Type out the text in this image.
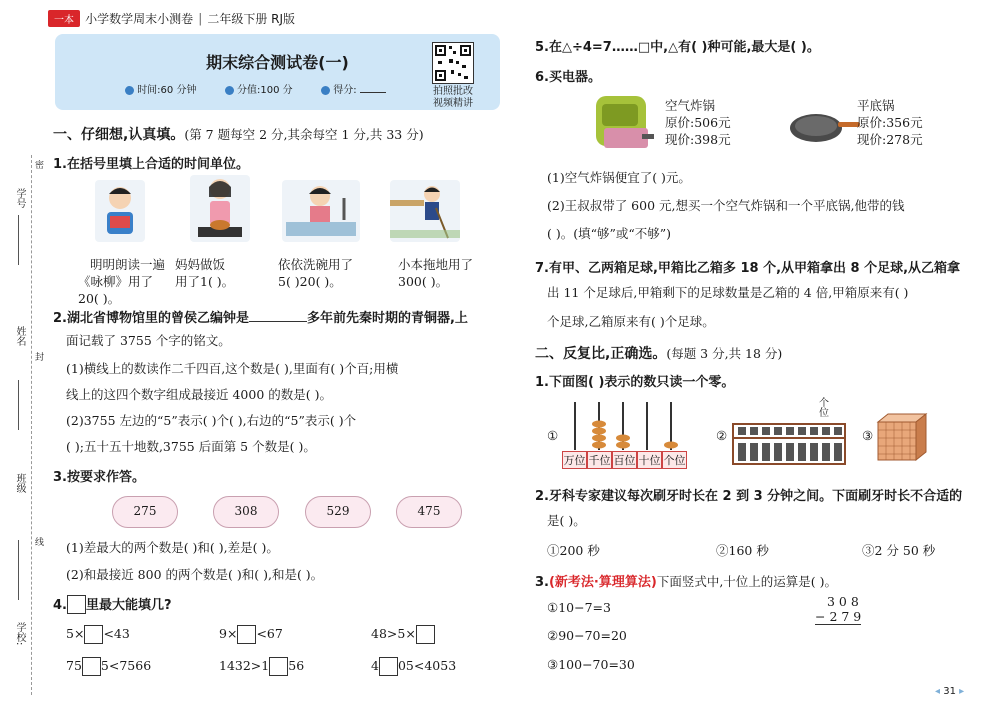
一本 小学数学周末小测卷 | 二年级下册 RJ版
期末综合测试卷(一)
时间:60 分钟	分值:100 分	得分:	拍照批改
视频精讲
密
学号
姓名
封
班级
线
学校:
一、仔细想,认真填。(第 7 题每空 2 分,其余每空 1 分,共 33 分)
1.在括号里填上合适的时间单位。
明明朗读一遍
《咏柳》用了
20( )。
妈妈做饭
用了1( )。
依依洗碗用了
5( )20( )。
小本拖地用了
300( )。
2.湖北省博物馆里的曾侯乙编钟是	多年前先秦时期的青铜器,上
面记载了 3755 个字的铭文。
(1)横线上的数读作二千四百,这个数是( ),里面有( )个百;用横
线上的这四个数字组成最接近 4000 的数是( )。
(2)3755 左边的“5”表示( )个( ),右边的“5”表示( )个
( );五十五十地数,3755 后面第 5 个数是( )。
3.按要求作答。
275	308	529	475
(1)差最大的两个数是( )和( ),差是( )。
(2)和最接近 800 的两个数是( )和( ),和是( )。
4. 里最大能填几?
5× <43	9× <67	48>5×
75 5<7566	1432>1 56	4 05<4053
5.在△÷4=7……□中,△有( )种可能,最大是( )。
6.买电器。
空气炸锅
原价:506元
现价:398元
平底锅
原价:356元
现价:278元
(1)空气炸锅便宜了( )元。
(2)王叔叔带了 600 元,想买一个空气炸锅和一个平底锅,他带的钱
( )。(填“够”或“不够”)
7.有甲、乙两箱足球,甲箱比乙箱多 18 个,从甲箱拿出 8 个足球,从乙箱拿
出 11 个足球后,甲箱剩下的足球数量是乙箱的 4 倍,甲箱原来有( )
个足球,乙箱原来有( )个足球。
二、反复比,正确选。(每题 3 分,共 18 分)
1.下面图( )表示的数只读一个零。
①
万位 千位 百位 十位 个位
②
个位
③
2.牙科专家建议每次刷牙时长在 2 到 3 分钟之间。下面刷牙时长不合适的
是( )。
①200 秒	②160 秒	③2 分 50 秒
3.(新考法·算理算法)下面竖式中,十位上的运算是( )。
①10−7=3
②90−70=20
③100−70=30
3 0 8
− 2 7 9
◂ 31 ▸
